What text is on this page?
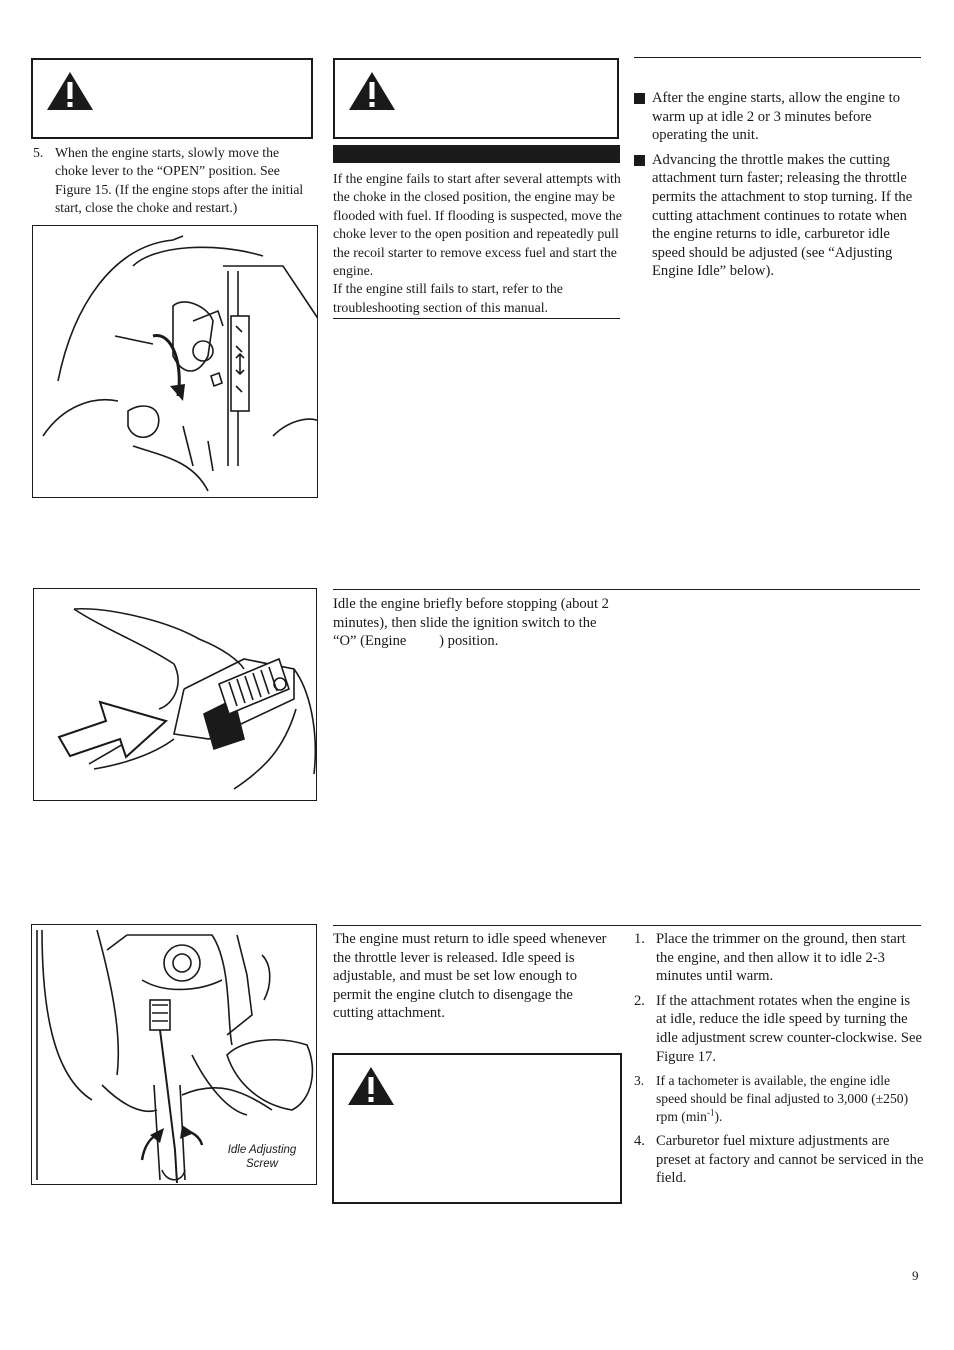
5. When the engine starts, slowly move the choke lever to the “OPEN” position. See Figure 15. (If the engine stops after the initial start, close the choke and restart.)
If the engine fails to start after several attempts with the choke in the closed position, the engine may be flooded with fuel. If flooding is suspected, move the choke lever to the open position and repeatedly pull the recoil starter to remove excess fuel and start the engine.
If the engine still fails to start, refer to the troubleshooting section of this manual.
After the engine starts, allow the engine to warm up at idle 2 or 3 minutes before operating the unit.
Advancing the throttle makes the cutting attachment turn faster; releasing the throttle permits the attachment to stop turning. If the cutting attachment continues to rotate when the engine returns to idle, carburetor idle speed should be adjusted (see “Adjusting Engine Idle” below).
Idle the engine briefly before stopping (about 2 minutes), then slide the ignition switch to the “O” (Engine         ) position.
Idle Adjusting Screw
The engine must return to idle speed whenever the throttle lever is released. Idle speed is adjustable, and must be set low enough to permit the engine clutch to disengage the cutting attachment.
1. Place the trimmer on the ground, then start the engine, and then allow it to idle 2-3 minutes until warm.
2. If the attachment rotates when the engine is at idle, reduce the idle speed by turning the idle adjustment screw counter-clockwise. See Figure 17.
3. If a tachometer is available, the engine idle speed should be final adjusted to 3,000 (±250) rpm $(\min^{-1})$.
4. Carburetor fuel mixture adjustments are preset at factory and cannot be serviced in the field.
9
